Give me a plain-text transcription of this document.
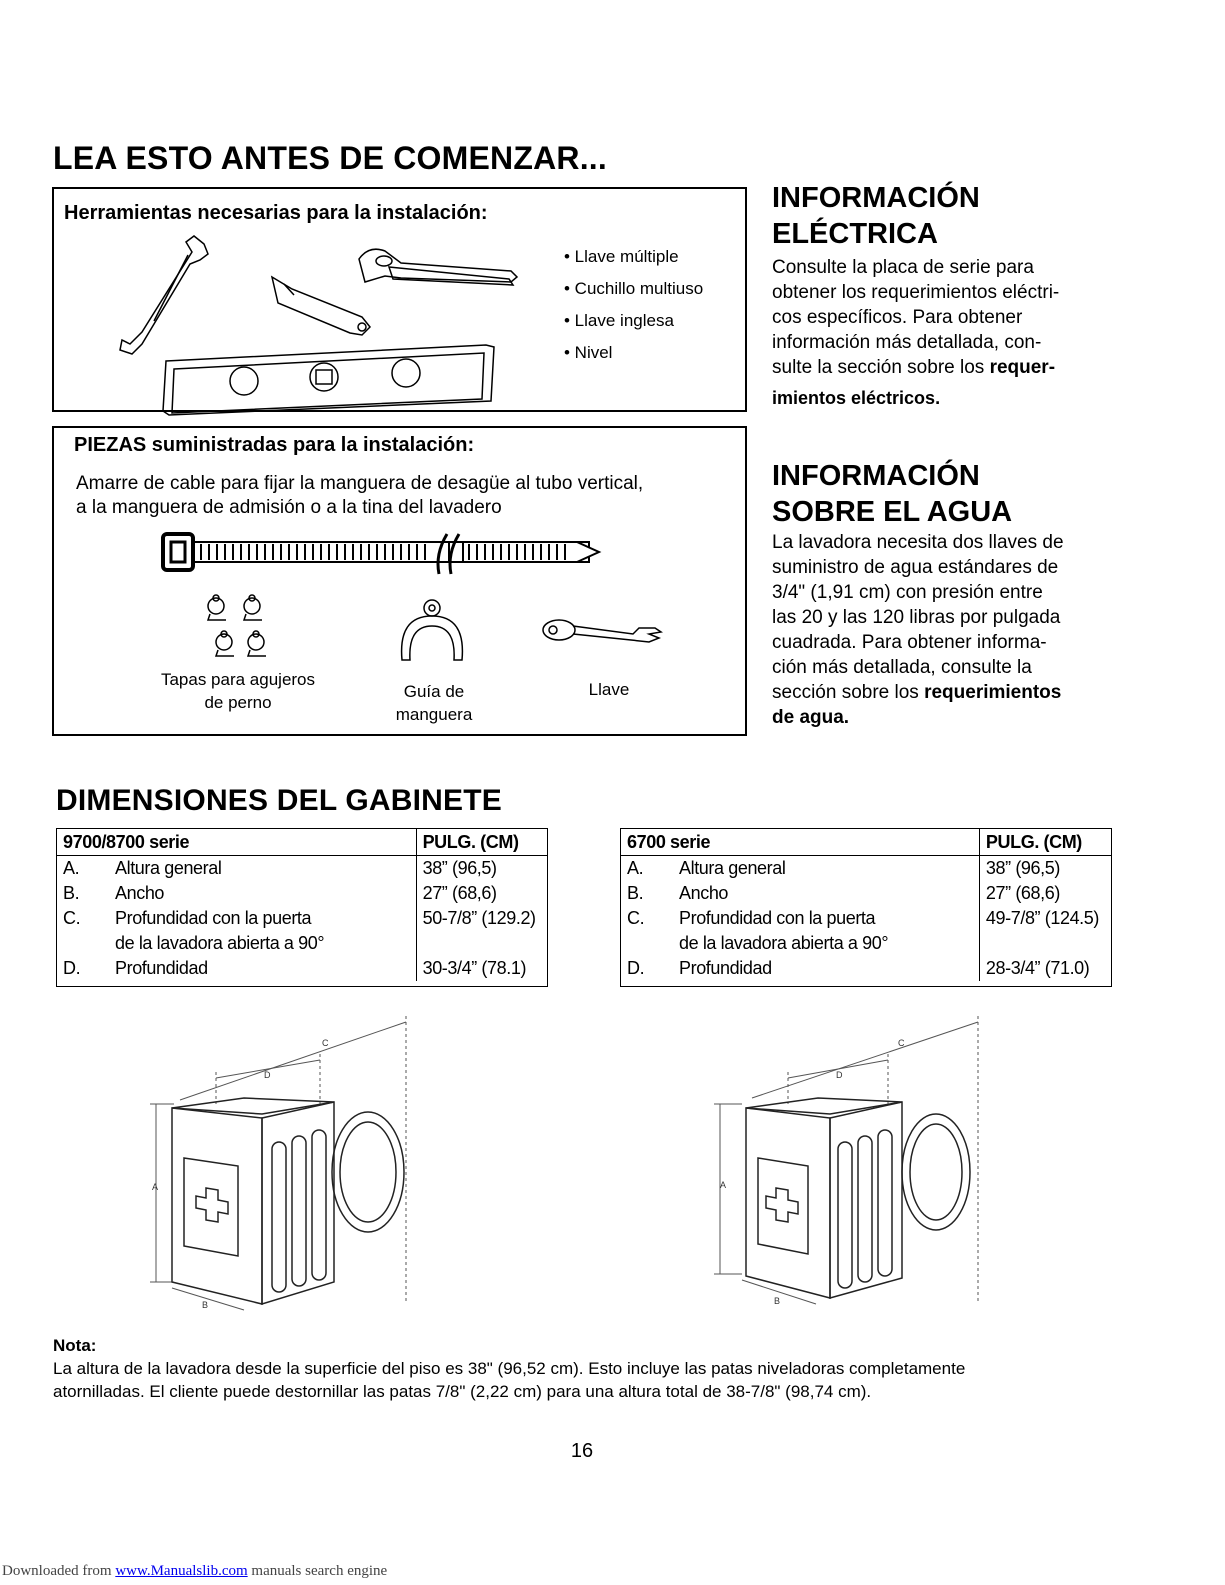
LEA ESTO ANTES DE COMENZAR...
Herramientas necesarias para la instalación:
• Llave múltiple
• Cuchillo multiuso
• Llave inglesa
• Nivel
PIEZAS suministradas para la instalación:
Amarre de cable para fijar la manguera de desagüe al tubo vertical,
a la manguera de admisión o a la tina del lavadero
Tapas para agujeros
de perno
Guía de
manguera
Llave
INFORMACIÓN
ELÉCTRICA
Consulte la placa de serie para
obtener los requerimientos eléctri-
cos específicos. Para obtener
información más detallada, con-
sulte la sección sobre los requer-
imientos eléctricos.
INFORMACIÓN
SOBRE EL AGUA
La lavadora necesita dos llaves de
suministro de agua estándares de
3/4" (1,91 cm) con presión entre
las 20 y las 120 libras por pulgada
cuadrada. Para obtener informa-
ción más detallada, consulte la
sección sobre los requerimientos
de agua.
DIMENSIONES DEL GABINETE
9700/8700 serie		PULG. (CM)
A.	Altura general	38” (96,5)
B.	Ancho	27” (68,6)
C.	Profundidad con la puerta	50-7/8” (129.2)
	de la lavadora abierta a 90°	
D.	Profundidad	30-3/4” (78.1)
6700 serie		PULG. (CM)
A.	Altura general	38” (96,5)
B.	Ancho	27” (68,6)
C.	Profundidad con la puerta	49-7/8” (124.5)
	de la lavadora abierta a 90°	
D.	Profundidad	28-3/4” (71.0)
C
D
A
B
C
D
A
B
Nota:
La altura de la lavadora desde la superficie del piso es 38" (96,52 cm). Esto incluye las patas niveladoras completamente
atornilladas. El cliente puede destornillar las patas 7/8" (2,22 cm) para una altura total de 38-7/8" (98,74 cm).
16
Downloaded from www.Manualslib.com manuals search engine
